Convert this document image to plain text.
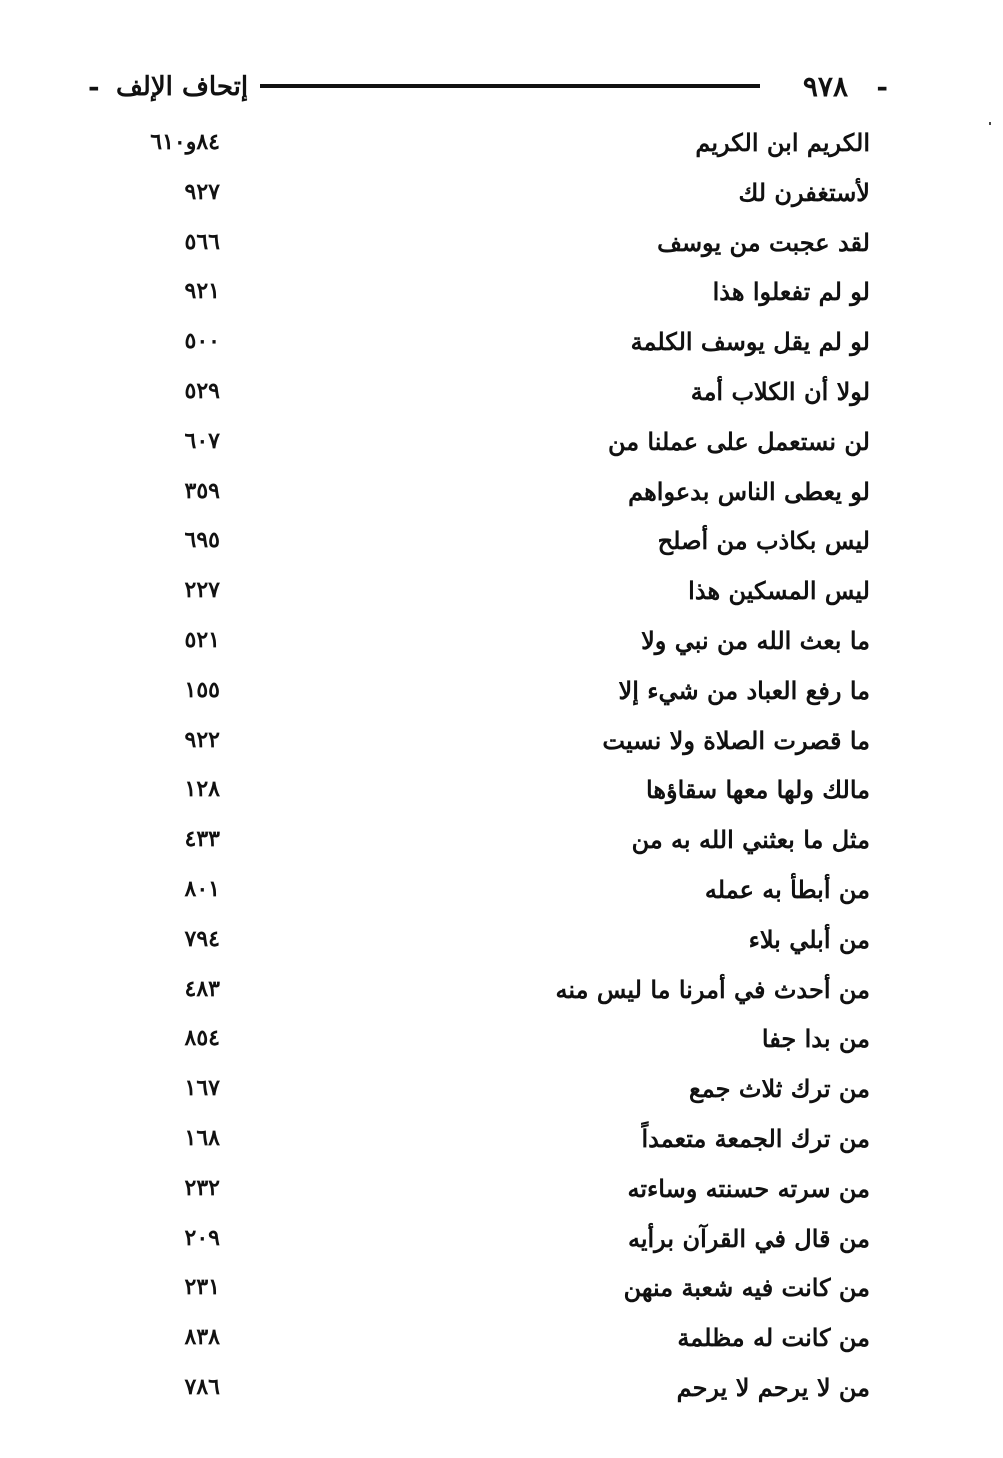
-
٩٧٨
إتحاف الإلف
-
الكريم ابن الكريم
٨٤و٦١٠
لأستغفرن لك
٩٢٧
لقد عجبت من يوسف
٥٦٦
لو لم تفعلوا هذا
٩٢١
لو لم يقل يوسف الكلمة
٥٠٠
لولا أن الكلاب أمة
٥٢٩
لن نستعمل على عملنا من
٦٠٧
لو يعطى الناس بدعواهم
٣٥٩
ليس بكاذب من أصلح
٦٩٥
ليس المسكين هذا
٢٢٧
ما بعث الله من نبي ولا
٥٢١
ما رفع العباد من شيء إلا
١٥٥
ما قصرت الصلاة ولا نسيت
٩٢٢
مالك ولها معها سقاؤها
١٢٨
مثل ما بعثني الله به من
٤٣٣
من أبطأ به عمله
٨٠١
من أبلي بلاء
٧٩٤
من أحدث في أمرنا ما ليس منه
٤٨٣
من بدا جفا
٨٥٤
من ترك ثلاث جمع
١٦٧
من ترك الجمعة متعمداً
١٦٨
من سرته حسنته وساءته
٢٣٢
من قال في القرآن برأيه
٢٠٩
من كانت فيه شعبة منهن
٢٣١
من كانت له مظلمة
٨٣٨
من لا يرحم لا يرحم
٧٨٦
